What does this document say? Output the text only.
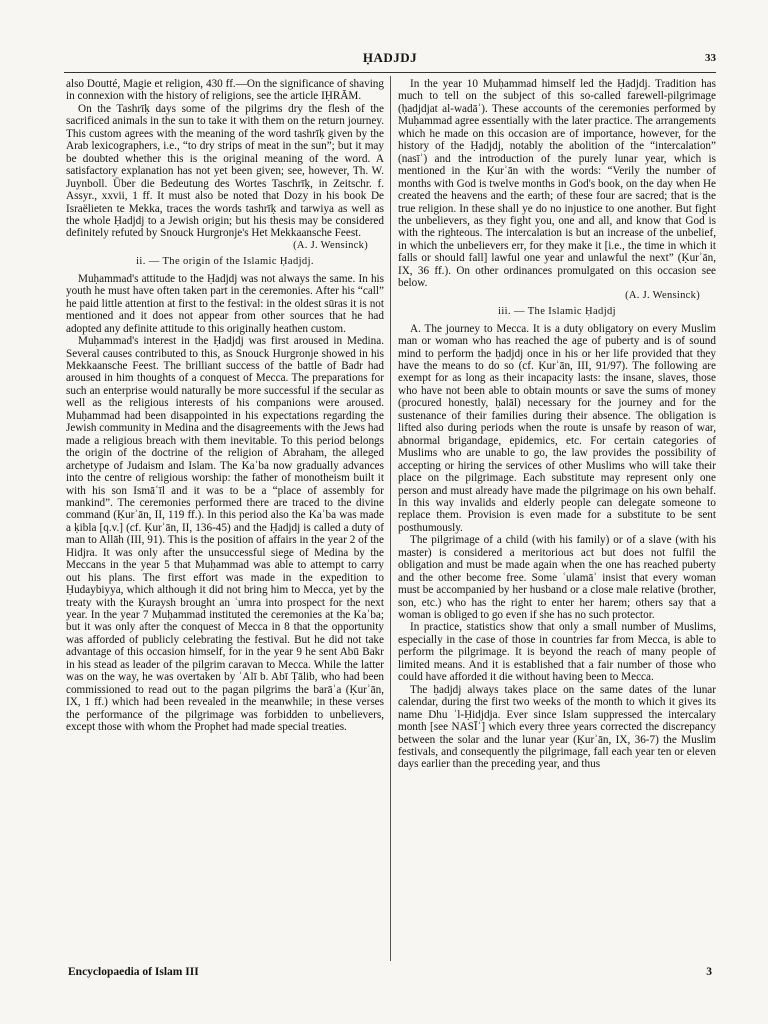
ḤADJDJ	33

also Doutté, Magie et religion, 430 ff.—On the significance of shaving in connexion with the history of religions, see the article IḤRĀM.

On the Tashrīḳ days some of the pilgrims dry the flesh of the sacrificed animals in the sun to take it with them on the return journey. This custom agrees with the meaning of the word tashrīḳ given by the Arab lexicographers, i.e., “to dry strips of meat in the sun”; but it may be doubted whether this is the original meaning of the word. A satisfactory explanation has not yet been given; see, however, Th. W. Juynboll. Über die Bedeutung des Wortes Taschrīḳ, in Zeitschr. f. Assyr., xxvii, 1 ff. It must also be noted that Dozy in his book De Israëlieten te Mekka, traces the words tashrīḳ and tarwiya as well as the whole Ḥadjdj to a Jewish origin; but his thesis may be considered definitely refuted by Snouck Hurgronje's Het Mekkaansche Feest.

(A. J. Wensinck)
ii. — The origin of the Islamic Ḥadjdj.

Muḥammad's attitude to the Ḥadjdj was not always the same. In his youth he must have often taken part in the ceremonies. After his “call” he paid little attention at first to the festival: in the oldest sūras it is not mentioned and it does not appear from other sources that he had adopted any definite attitude to this originally heathen custom.

Muḥammad's interest in the Ḥadjdj was first aroused in Medina. Several causes contributed to this, as Snouck Hurgronje showed in his Mekkaansche Feest. The brilliant success of the battle of Badr had aroused in him thoughts of a conquest of Mecca. The preparations for such an enterprise would naturally be more successful if the secular as well as the religious interests of his companions were aroused. Muḥammad had been disappointed in his expectations regarding the Jewish community in Medina and the disagreements with the Jews had made a religious breach with them inevitable. To this period belongs the origin of the doctrine of the religion of Abraham, the alleged archetype of Judaism and Islam. The Kaʿba now gradually advances into the centre of religious worship: the father of monotheism built it with his son Ismāʿīl and it was to be a “place of assembly for mankind”. The ceremonies performed there are traced to the divine command (Ḳurʾān, II, 119 ff.). In this period also the Kaʿba was made a ḳibla [q.v.] (cf. Ḳurʾān, II, 136-45) and the Ḥadjdj is called a duty of man to Allāh (III, 91). This is the position of affairs in the year 2 of the Hidjra. It was only after the unsuccessful siege of Medina by the Meccans in the year 5 that Muḥammad was able to attempt to carry out his plans. The first effort was made in the expedition to Ḥudaybiyya, which although it did not bring him to Mecca, yet by the treaty with the Ḳuraysh brought an ʿumra into prospect for the next year. In the year 7 Muḥammad instituted the ceremonies at the Kaʿba; but it was only after the conquest of Mecca in 8 that the opportunity was afforded of publicly celebrating the festival. But he did not take advantage of this occasion himself, for in the year 9 he sent Abū Bakr in his stead as leader of the pilgrim caravan to Mecca. While the latter was on the way, he was overtaken by ʿAlī b. Abī Ṭālib, who had been commissioned to read out to the pagan pilgrims the barāʾa (Ḳurʾān, IX, 1 ff.) which had been revealed in the meanwhile; in these verses the performance of the pilgrimage was forbidden to unbelievers, except those with whom the Prophet had made special treaties.

In the year 10 Muḥammad himself led the Ḥadjdj. Tradition has much to tell on the subject of this so-called farewell-pilgrimage (ḥadjdjat al-wadāʿ). These accounts of the ceremonies performed by Muḥammad agree essentially with the later practice. The arrangements which he made on this occasion are of importance, however, for the history of the Ḥadjdj, notably the abolition of the “intercalation” (nasīʾ) and the introduction of the purely lunar year, which is mentioned in the Ḳurʾān with the words: “Verily the number of months with God is twelve months in God's book, on the day when He created the heavens and the earth; of these four are sacred; that is the true religion. In these shall ye do no injustice to one another. But fight the unbelievers, as they fight you, one and all, and know that God is with the righteous. The intercalation is but an increase of the unbelief, in which the unbelievers err, for they make it [i.e., the time in which it falls or should fall] lawful one year and unlawful the next” (Ḳurʾān, IX, 36 ff.). On other ordinances promulgated on this occasion see below.

(A. J. Wensinck)
iii. — The Islamic Ḥadjdj

A. The journey to Mecca. It is a duty obligatory on every Muslim man or woman who has reached the age of puberty and is of sound mind to perform the ḥadjdj once in his or her life provided that they have the means to do so (cf. Ḳurʾān, III, 91/97). The following are exempt for as long as their incapacity lasts: the insane, slaves, those who have not been able to obtain mounts or save the sums of money (procured honestly, ḥalāl) necessary for the journey and for the sustenance of their families during their absence. The obligation is lifted also during periods when the route is unsafe by reason of war, abnormal brigandage, epidemics, etc. For certain categories of Muslims who are unable to go, the law provides the possibility of accepting or hiring the services of other Muslims who will take their place on the pilgrimage. Each substitute may represent only one person and must already have made the pilgrimage on his own behalf. In this way invalids and elderly people can delegate someone to replace them. Provision is even made for a substitute to be sent posthumously.

The pilgrimage of a child (with his family) or of a slave (with his master) is considered a meritorious act but does not fulfil the obligation and must be made again when the one has reached puberty and the other become free. Some ʿulamāʾ insist that every woman must be accompanied by her husband or a close male relative (brother, son, etc.) who has the right to enter her harem; others say that a woman is obliged to go even if she has no such protector.

In practice, statistics show that only a small number of Muslims, especially in the case of those in countries far from Mecca, is able to perform the pilgrimage. It is beyond the reach of many people of limited means. And it is established that a fair number of those who could have afforded it die without having been to Mecca.

The ḥadjdj always takes place on the same dates of the lunar calendar, during the first two weeks of the month to which it gives its name Dhu ʾl-Ḥidjdja. Ever since Islam suppressed the intercalary month [see NASĪʾ] which every three years corrected the discrepancy between the solar and the lunar year (Ḳurʾān, IX, 36-7) the Muslim festivals, and consequently the pilgrimage, fall each year ten or eleven days earlier than the preceding year, and thus

Encyclopaedia of Islam III	3
